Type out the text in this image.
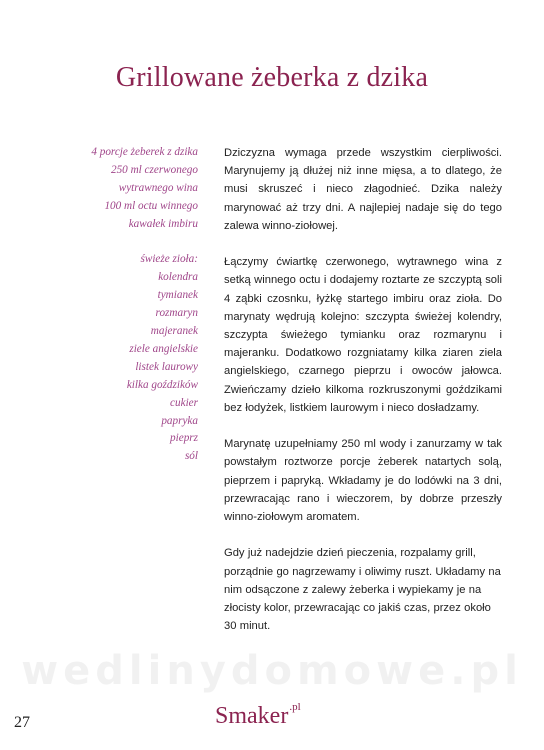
Grillowane żeberka z dzika
4 porcje żeberek z dzika
250 ml czerwonego
wytrawnego wina
100 ml octu winnego
kawałek imbiru
świeże zioła:
kolendra
tymianek
rozmaryn
majeranek
ziele angielskie
listek laurowy
kilka goździków
cukier
papryka
pieprz
sól

Dziczyzna wymaga przede wszystkim cierpliwości. Marynujemy ją dłużej niż inne mięsa, a to dlatego, że musi skruszeć i nieco złagodnieć. Dzika należy marynować aż trzy dni. A najlepiej nadaje się do tego zalewa winno-ziołowej.

Łączymy ćwiartkę czerwonego, wytrawnego wina z setką winnego octu i dodajemy roztarte ze szczyptą soli 4 ząbki czosnku, łyżkę startego imbiru oraz zioła. Do marynaty wędrują kolejno: szczypta świeżej kolendry, szczypta świeżego tymianku oraz rozmarynu i majeranku. Dodatkowo rozgniatamy kilka ziaren ziela angielskiego, czarnego pieprzu i owoców jałowca. Zwieńczamy dzieło kilkoma rozkruszonymi goździkami bez łodyżek, listkiem laurowym i nieco dosładzamy.

Marynatę uzupełniamy 250 ml wody i zanurzamy w tak powstałym roztworze porcje żeberek natartych solą, pieprzem i papryką. Wkładamy je do lodówki na 3 dni, przewracając rano i wieczorem, by dobrze przeszły winno-ziołowym aromatem.

Gdy już nadejdzie dzień pieczenia, rozpalamy grill, porządnie go nagrzewamy i oliwimy ruszt. Układamy na nim odsączone z zalewy żeberka i wypiekamy je na złocisty kolor, przewracając co jakiś czas, przez około 30 minut.

wedlinydomowe.pl
27	Smaker$^{.pl}$
